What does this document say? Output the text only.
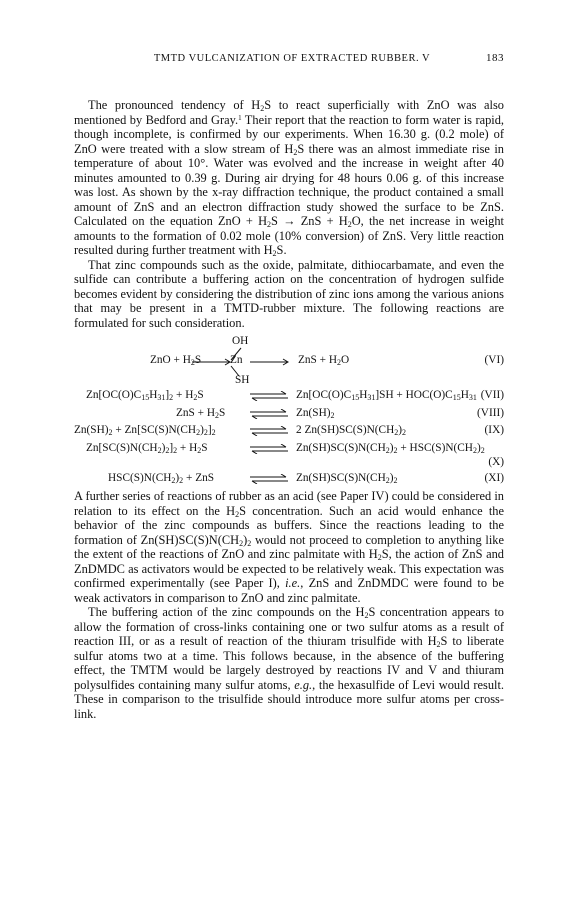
TMTD VULCANIZATION OF EXTRACTED RUBBER. V	183

The pronounced tendency of $H_2S$ to react superficially with ZnO was also mentioned by Bedford and Gray.$^1$ Their report that the reaction to form water is rapid, though incomplete, is confirmed by our experiments. When 16.30 g. (0.2 mole) of ZnO were treated with a slow stream of $H_2S$ there was an almost immediate rise in temperature of about 10°. Water was evolved and the increase in weight after 40 minutes amounted to 0.39 g. During air drying for 48 hours 0.06 g. of this increase was lost. As shown by the x-ray diffraction technique, the product contained a small amount of ZnS and an electron diffraction study showed the surface to be ZnS. Calculated on the equation ZnO + $H_2S$ → ZnS + $H_2O$, the net increase in weight amounts to the formation of 0.02 mole (10% conversion) of ZnS. Very little reaction resulted during further treatment with $H_2S$.

That zinc compounds such as the oxide, palmitate, dithiocarbamate, and even the sulfide can contribute a buffering action on the concentration of hydrogen sulfide becomes evident by considering the distribution of zinc ions among the various anions that may be present in a TMTD-rubber mixture. The following reactions are formulated for such consideration.

OH
ZnO + $H_2S$	Zn	ZnS + $H_2O$	(VI)
SH
$Zn[OC(O)C_{15}H_{31}]_2 + H_2S$	$Zn[OC(O)C_{15}H_{31}]SH + HOC(O)C_{15}H_{31}$ (VII)
ZnS + $H_2S$	$Zn(SH)_2$	(VIII)
$Zn(SH)_2 + Zn[SC(S)N(CH_2)_2]_2$	2 $Zn(SH)SC(S)N(CH_2)_2$	(IX)
$Zn[SC(S)N(CH_2)_2]_2 + H_2S$	$Zn(SH)SC(S)N(CH_2)_2 + HSC(S)N(CH_2)_2$
(X)
$HSC(S)N(CH_2)_2$ + ZnS	$Zn(SH)SC(S)N(CH_2)_2$	(XI)

A further series of reactions of rubber as an acid (see Paper IV) could be considered in relation to its effect on the $H_2S$ concentration. Such an acid would enhance the behavior of the zinc compounds as buffers. Since the reactions leading to the formation of $Zn(SH)SC(S)N(CH_2)_2$ would not proceed to completion to anything like the extent of the reactions of ZnO and zinc palmitate with $H_2S$, the action of ZnS and ZnDMDC as activators would be expected to be relatively weak. This expectation was confirmed experimentally (see Paper I), i.e., ZnS and ZnDMDC were found to be weak activators in comparison to ZnO and zinc palmitate.

The buffering action of the zinc compounds on the $H_2S$ concentration appears to allow the formation of cross-links containing one or two sulfur atoms as a result of reaction III, or as a result of reaction of the thiuram trisulfide with $H_2S$ to liberate sulfur atoms two at a time. This follows because, in the absence of the buffering effect, the TMTM would be largely destroyed by reactions IV and V and thiuram polysulfides containing many sulfur atoms, e.g., the hexasulfide of Levi would result. These in comparison to the trisulfide should introduce more sulfur atoms per cross-link.
